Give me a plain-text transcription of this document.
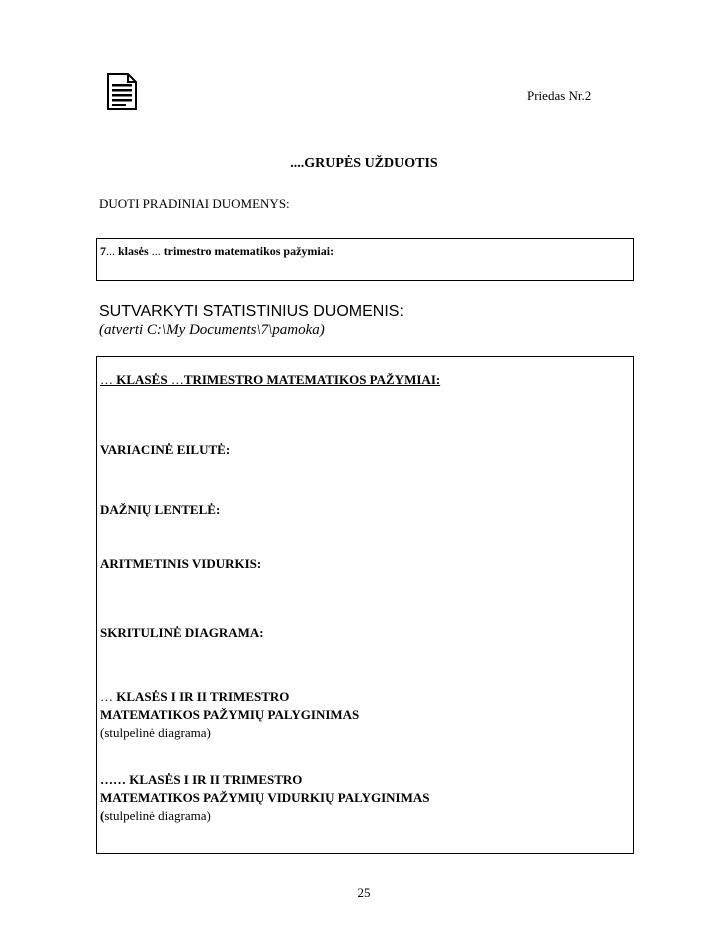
Priedas Nr.2
....GRUPĖS UŽDUOTIS
DUOTI PRADINIAI DUOMENYS:
7... klasės ... trimestro matematikos pažymiai:
SUTVARKYTI STATISTINIUS DUOMENIS:
(atverti C:\My Documents\7\pamoka)
… KLASĖS …TRIMESTRO MATEMATIKOS PAŽYMIAI:
VARIACINĖ EILUTĖ:
DAŽNIŲ LENTELĖ:
ARITMETINIS VIDURKIS:
SKRITULINĖ DIAGRAMA:
… KLASĖS I IR II TRIMESTRO
MATEMATIKOS PAŽYMIŲ PALYGINIMAS
(stulpelinė diagrama)
…… KLASĖS I IR II TRIMESTRO
MATEMATIKOS PAŽYMIŲ VIDURKIŲ PALYGINIMAS
(stulpelinė diagrama)
25
